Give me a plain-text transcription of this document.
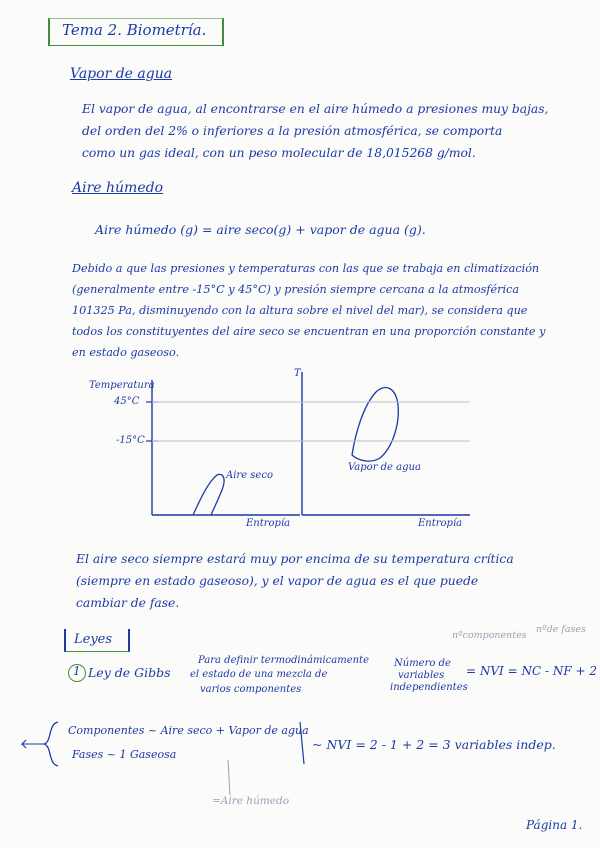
Tema 2. Biometría.
Vapor de agua
El vapor de agua, al encontrarse en el aire húmedo a presiones muy bajas,
del orden del 2% o inferiores a la presión atmosférica, se comporta
como un gas ideal, con un peso molecular de 18,015268 g/mol.
Aire húmedo
Aire húmedo (g) = aire seco(g) + vapor de agua (g).
Debido a que las presiones y temperaturas con las que se trabaja en climatización
(generalmente entre -15°C y 45°C) y presión siempre cercana a la atmosférica
101325 Pa, disminuyendo con la altura sobre el nivel del mar), se considera que
todos los constituyentes del aire seco se encuentran en una proporción constante y
en estado gaseoso.
Temperatura
45°C
-15°C
Aire seco
Entropía
T
Vapor de agua
Entropía
El aire seco siempre estará muy por encima de su temperatura crítica
(siempre en estado gaseoso), y el vapor de agua es el que puede
cambiar de fase.
Leyes	nºcomponentes
nºde fases
1 Ley de Gibbs
Para definir termodinámicamente
el estado de una mezcla de
varios componentes
Número de
variables
independientes
= NVI = NC - NF + 2
Componentes ~ Aire seco + Vapor de agua
Fases ~ 1 Gaseosa
~ NVI = 2 - 1 + 2 = 3 variables indep.
=Aire húmedo
Página 1.
